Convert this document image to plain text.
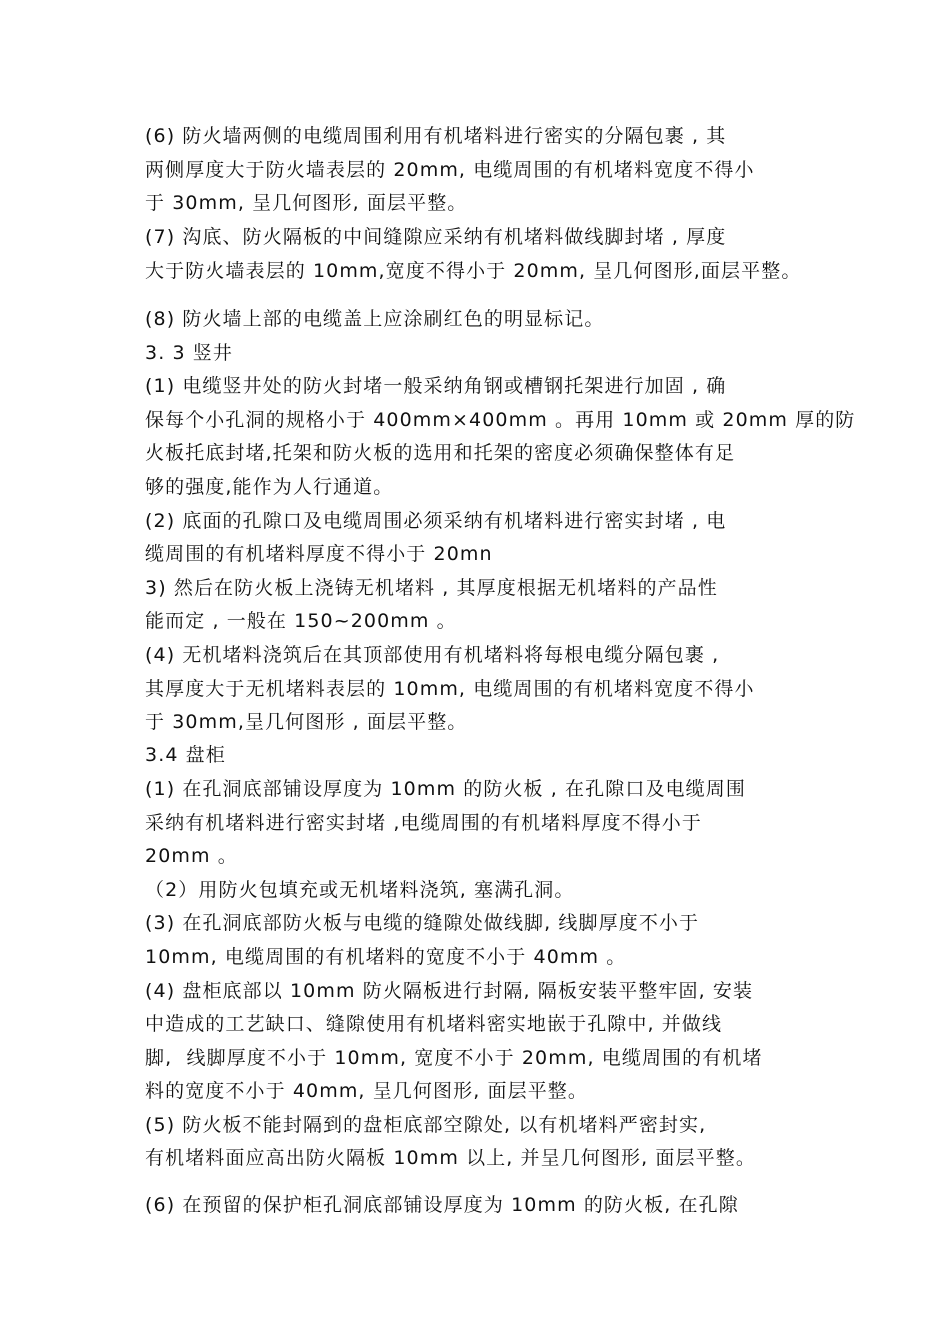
(6) 防火墙两侧的电缆周围利用有机堵料进行密实的分隔包裹 , 其
两侧厚度大于防火墙表层的 20mm, 电缆周围的有机堵料宽度不得小
于 30mm, 呈几何图形, 面层平整。
(7) 沟底、防火隔板的中间缝隙应采纳有机堵料做线脚封堵 , 厚度
大于防火墙表层的 10mm,宽度不得小于 20mm, 呈几何图形,面层平整。
(8) 防火墙上部的电缆盖上应涂刷红色的明显标记。
3. 3 竖井
(1) 电缆竖井处的防火封堵一般采纳角钢或槽钢托架进行加固 , 确
保每个小孔洞的规格小于 400mm×400mm 。再用 10mm 或 20mm 厚的防
火板托底封堵,托架和防火板的选用和托架的密度必须确保整体有足
够的强度,能作为人行通道。
(2) 底面的孔隙口及电缆周围必须采纳有机堵料进行密实封堵 , 电
缆周围的有机堵料厚度不得小于 20mn
3) 然后在防火板上浇铸无机堵料 , 其厚度根据无机堵料的产品性
能而定 , 一般在 150~200mm 。
(4) 无机堵料浇筑后在其顶部使用有机堵料将每根电缆分隔包裹 ,
其厚度大于无机堵料表层的 10mm, 电缆周围的有机堵料宽度不得小
于 30mm,呈几何图形 , 面层平整。
3.4 盘柜
(1) 在孔洞底部铺设厚度为 10mm 的防火板 , 在孔隙口及电缆周围
采纳有机堵料进行密实封堵 ,电缆周围的有机堵料厚度不得小于
20mm 。
（2）用防火包填充或无机堵料浇筑, 塞满孔洞。
(3) 在孔洞底部防火板与电缆的缝隙处做线脚, 线脚厚度不小于
10mm, 电缆周围的有机堵料的宽度不小于 40mm 。
(4) 盘柜底部以 10mm 防火隔板进行封隔, 隔板安装平整牢固, 安装
中造成的工艺缺口、缝隙使用有机堵料密实地嵌于孔隙中, 并做线
脚,  线脚厚度不小于 10mm, 宽度不小于 20mm, 电缆周围的有机堵
料的宽度不小于 40mm, 呈几何图形, 面层平整。
(5) 防火板不能封隔到的盘柜底部空隙处, 以有机堵料严密封实,
有机堵料面应高出防火隔板 10mm 以上, 并呈几何图形, 面层平整。
(6) 在预留的保护柜孔洞底部铺设厚度为 10mm 的防火板, 在孔隙
